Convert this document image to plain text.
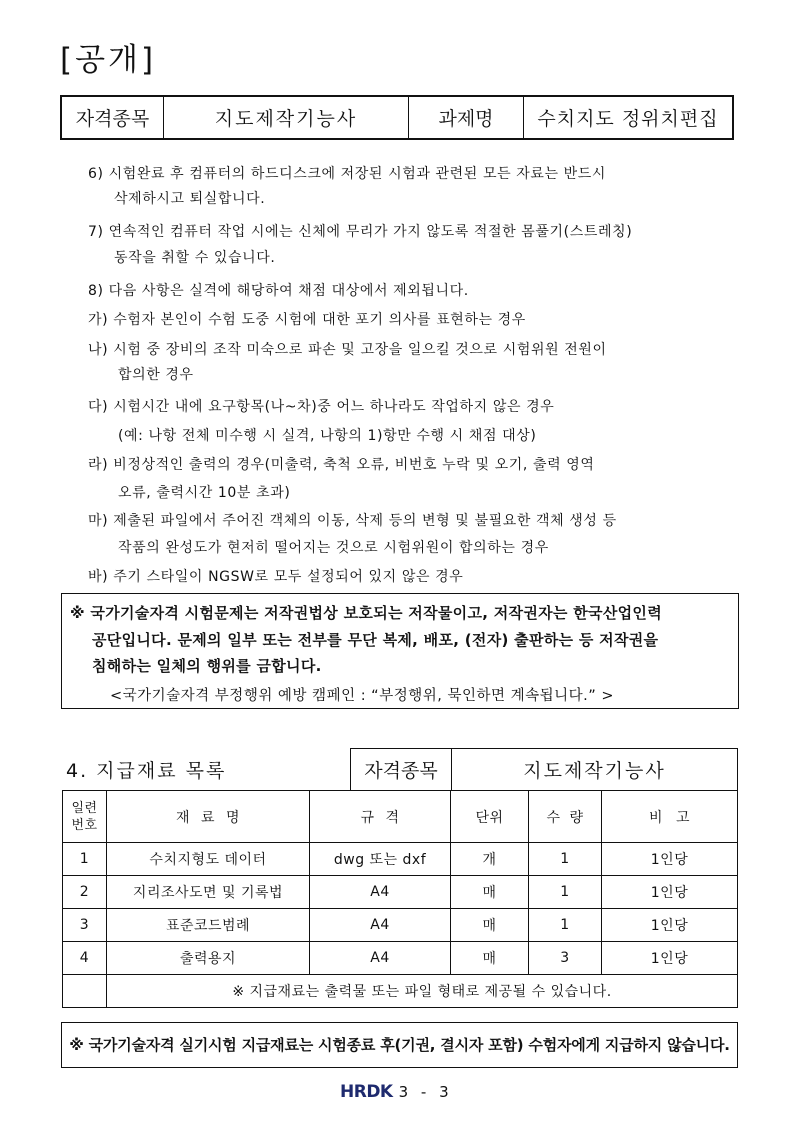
[공개]
자격종목	지도제작기능사	과제명	수치지도 정위치편집
6) 시험완료 후 컴퓨터의 하드디스크에 저장된 시험과 관련된 모든 자료는 반드시
삭제하시고 퇴실합니다.
7) 연속적인 컴퓨터 작업 시에는 신체에 무리가 가지 않도록 적절한 몸풀기(스트레칭)
동작을 취할 수 있습니다.
8) 다음 사항은 실격에 해당하여 채점 대상에서 제외됩니다.
가) 수험자 본인이 수험 도중 시험에 대한 포기 의사를 표현하는 경우
나) 시험 중 장비의 조작 미숙으로 파손 및 고장을 일으킬 것으로 시험위원 전원이
합의한 경우
다) 시험시간 내에 요구항목(나~차)중 어느 하나라도 작업하지 않은 경우
(예: 나항 전체 미수행 시 실격, 나항의 1)항만 수행 시 채점 대상)
라) 비정상적인 출력의 경우(미출력, 축척 오류, 비번호 누락 및 오기, 출력 영역
오류, 출력시간 10분 초과)
마) 제출된 파일에서 주어진 객체의 이동, 삭제 등의 변형 및 불필요한 객체 생성 등
작품의 완성도가 현저히 떨어지는 것으로 시험위원이 합의하는 경우
바) 주기 스타일이 NGSW로 모두 설정되어 있지 않은 경우
※ 국가기술자격 시험문제는 저작권법상 보호되는 저작물이고, 저작권자는 한국산업인력
공단입니다. 문제의 일부 또는 전부를 무단 복제, 배포, (전자) 출판하는 등 저작권을
침해하는 일체의 행위를 금합니다.
<국가기술자격 부정행위 예방 캠페인 : “부정행위, 묵인하면 계속됩니다.” >
4. 지급재료 목록	자격종목	지도제작기능사
일련
번호	재 료 명	규 격	단위	수 량	비 고
1	수치지형도 데이터	dwg 또는 dxf	개	1	1인당
2	지리조사도면 및 기록법	A4	매	1	1인당
3	표준코드범례	A4	매	1	1인당
4	출력용지	A4	매	3	1인당
	※ 지급재료는 출력물 또는 파일 형태로 제공될 수 있습니다.				
※ 국가기술자격 실기시험 지급재료는 시험종료 후(기권, 결시자 포함) 수험자에게 지급하지 않습니다.
HRDK 3 - 3
